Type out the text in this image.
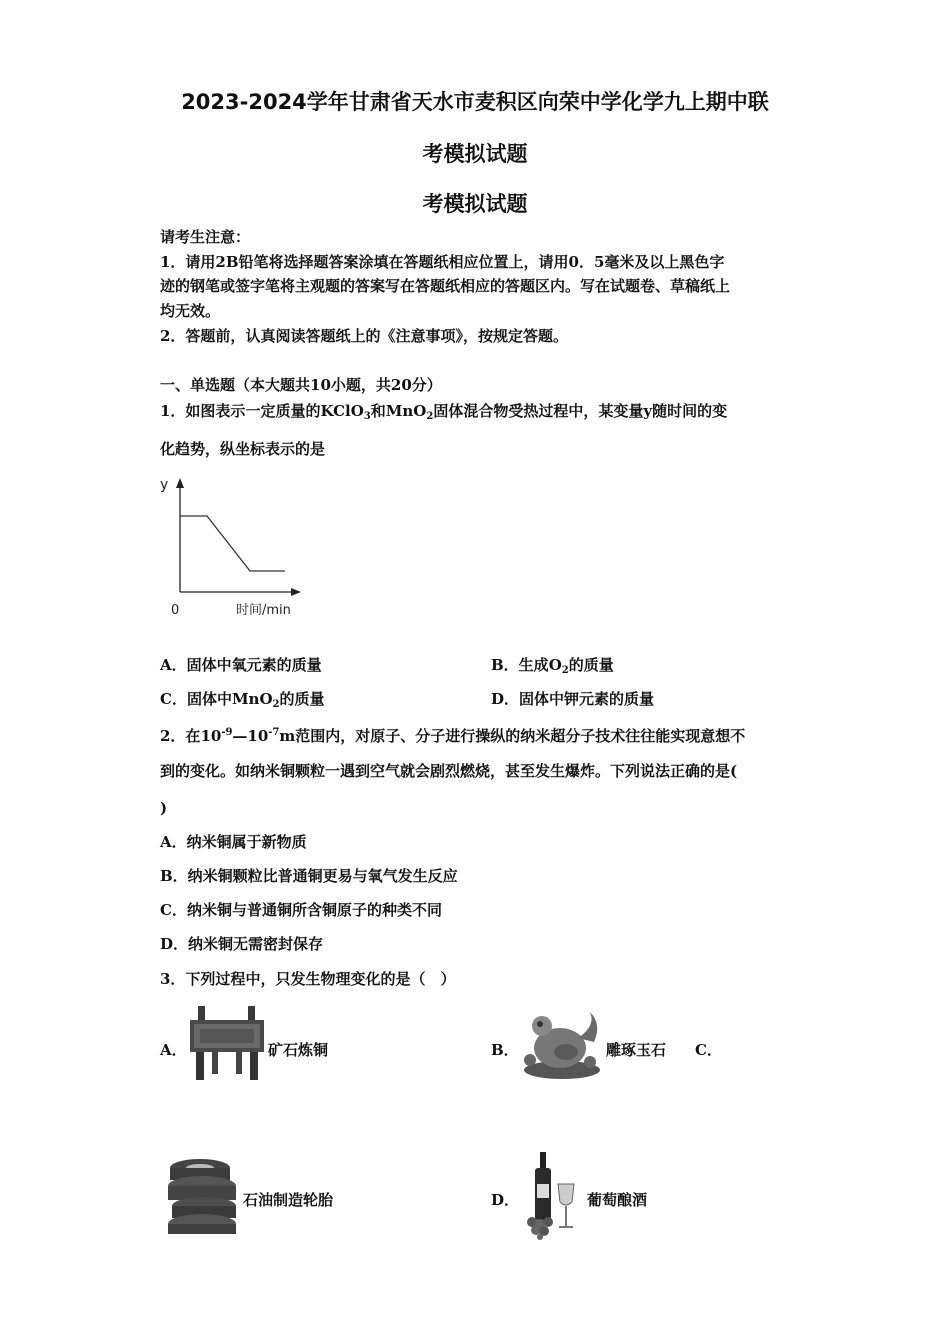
2023-2024学年甘肃省天水市麦积区向荣中学化学九上期中联
考模拟试题
考模拟试题
请考生注意：
1．请用2B铅笔将选择题答案涂填在答题纸相应位置上，请用0．5毫米及以上黑色字
迹的钢笔或签字笔将主观题的答案写在答题纸相应的答题区内。写在试题卷、草稿纸上
均无效。
2．答题前，认真阅读答题纸上的《注意事项》，按规定答题。
一、单选题（本大题共10小题，共20分）
1．如图表示一定质量的KClO$_3$和MnO$_2$固体混合物受热过程中，某变量y随时间的变
化趋势，纵坐标表示的是
y
0	时间/min
A．固体中氧元素的质量	B．生成$O_2$的质量
C．固体中MnO$_2$的质量	D．固体中钾元素的质量
2．在$10^{-9}—10^{-7}m$范围内，对原子、分子进行操纵的纳米超分子技术往往能实现意想不
到的变化。如纳米铜颗粒一遇到空气就会剧烈燃烧，甚至发生爆炸。下列说法正确的是(
)
A．纳米铜属于新物质
B．纳米铜颗粒比普通铜更易与氧气发生反应
C．纳米铜与普通铜所含铜原子的种类不同
D．纳米铜无需密封保存
3．下列过程中，只发生物理变化的是（　）
A．	矿石炼铜	B．	雕琢玉石 C．
石油制造轮胎	D．	葡萄酿酒
